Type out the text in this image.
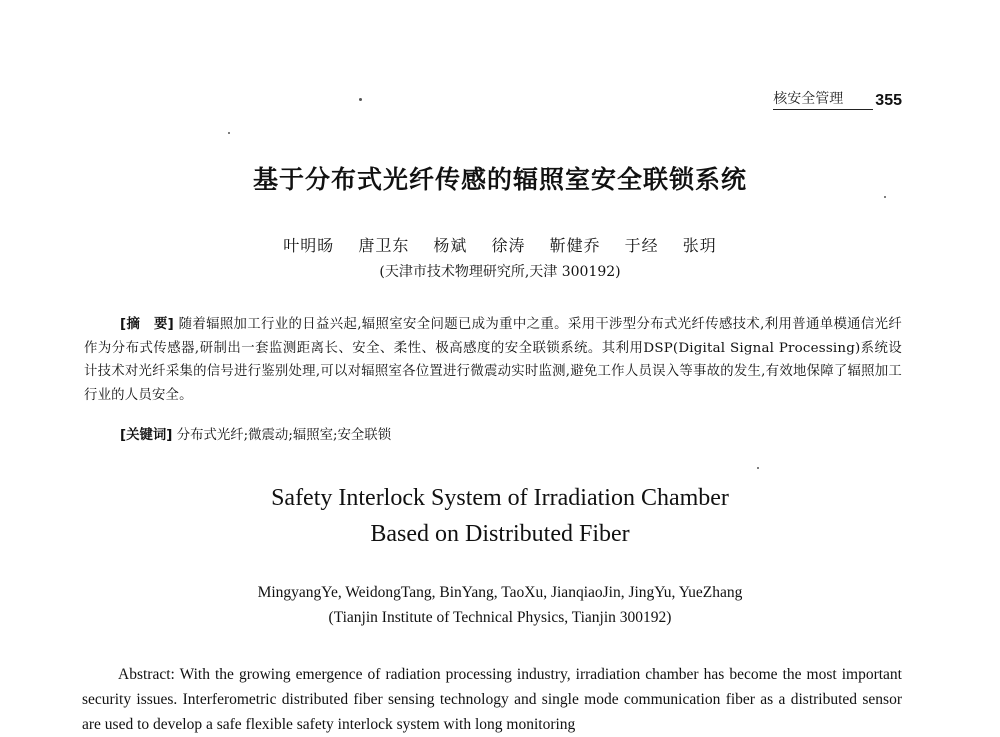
核安全管理	355
基于分布式光纤传感的辐照室安全联锁系统
叶明旸 唐卫东 杨斌 徐涛 靳健乔 于经 张玥
(天津市技术物理研究所,天津 300192)
[摘　要] 随着辐照加工行业的日益兴起,辐照室安全问题已成为重中之重。采用干涉型分布式光纤传感技术,利用普通单模通信光纤作为分布式传感器,研制出一套监测距离长、安全、柔性、极高感度的安全联锁系统。其利用DSP(Digital Signal Processing)系统设计技术对光纤采集的信号进行鉴别处理,可以对辐照室各位置进行微震动实时监测,避免工作人员误入等事故的发生,有效地保障了辐照加工行业的人员安全。
[关键词] 分布式光纤;微震动;辐照室;安全联锁
Safety Interlock System of Irradiation Chamber
Based on Distributed Fiber
MingyangYe, WeidongTang, BinYang, TaoXu, JianqiaoJin, JingYu, YueZhang
(Tianjin Institute of Technical Physics, Tianjin 300192)
Abstract: With the growing emergence of radiation processing industry, irradiation chamber has become the most important security issues. Interferometric distributed fiber sensing technology and single mode communication fiber as a distributed sensor are used to develop a safe flexible safety interlock system with long monitoring
